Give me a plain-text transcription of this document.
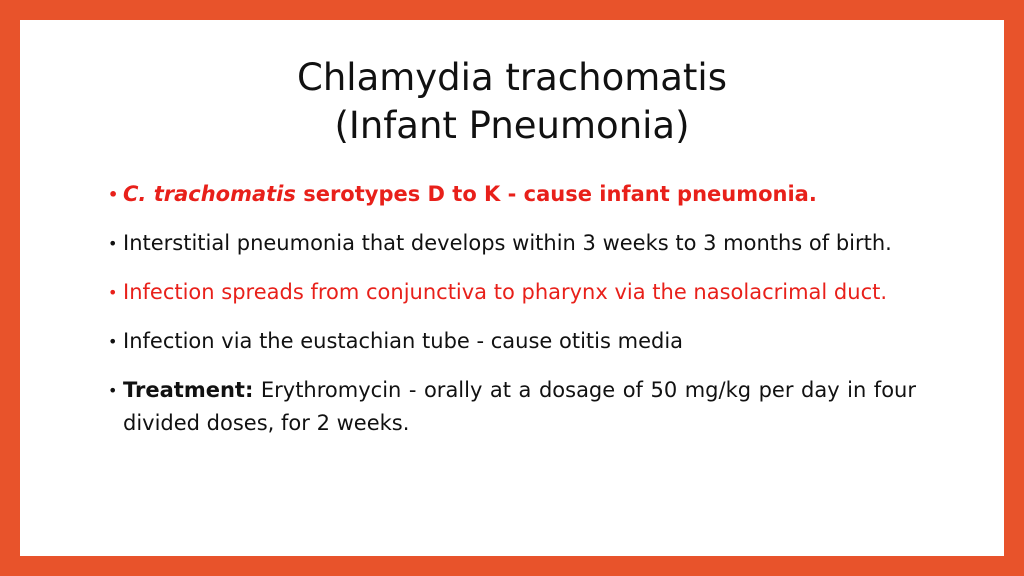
Chlamydia trachomatis
(Infant Pneumonia)
• C. trachomatis serotypes D to K - cause infant pneumonia.
• Interstitial pneumonia that develops within 3 weeks to 3 months of birth.
• Infection spreads from conjunctiva to pharynx via the nasolacrimal duct.
• Infection via the eustachian tube - cause otitis media
• Treatment: Erythromycin - orally at a dosage of 50 mg/kg per day in four divided doses, for 2 weeks.
